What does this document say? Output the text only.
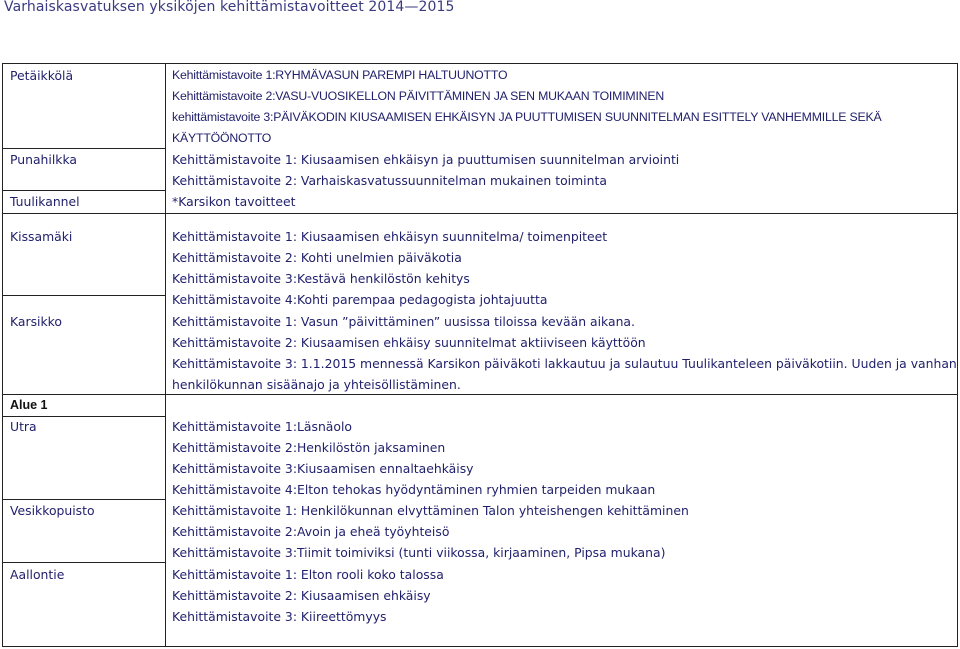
Varhaiskasvatuksen yksiköjen kehittämistavoitteet 2014—2015
Petäikkölä
Punahilkka
Tuulikannel
Kissamäki
Karsikko
Alue 1
Utra
Vesikkopuisto
Aallontie
Kehittämistavoite 1:RYHMÄVASUN PAREMPI HALTUUNOTTO
Kehittämistavoite 2:VASU-VUOSIKELLON PÄIVITTÄMINEN JA SEN MUKAAN TOIMIMINEN
kehittämistavoite 3:PÄIVÄKODIN KIUSAAMISEN EHKÄISYN JA PUUTTUMISEN SUUNNITELMAN ESITTELY VANHEMMILLE SEKÄ
KÄYTTÖÖNOTTO
Kehittämistavoite 1: Kiusaamisen ehkäisyn ja puuttumisen suunnitelman arviointi
Kehittämistavoite 2: Varhaiskasvatussuunnitelman mukainen toiminta
*Karsikon tavoitteet
Kehittämistavoite 1: Kiusaamisen ehkäisyn suunnitelma/ toimenpiteet
Kehittämistavoite 2: Kohti unelmien päiväkotia
Kehittämistavoite 3:Kestävä henkilöstön kehitys
Kehittämistavoite 4:Kohti parempaa pedagogista johtajuutta
Kehittämistavoite 1: Vasun ”päivittäminen” uusissa tiloissa kevään aikana.
Kehittämistavoite 2: Kiusaamisen ehkäisy suunnitelmat aktiiviseen käyttöön
Kehittämistavoite 3: 1.1.2015 mennessä Karsikon päiväkoti lakkautuu ja sulautuu Tuulikanteleen päiväkotiin. Uuden ja vanhan
henkilökunnan sisäänajo ja yhteisöllistäminen.
Kehittämistavoite 1:Läsnäolo
Kehittämistavoite 2:Henkilöstön jaksaminen
Kehittämistavoite 3:Kiusaamisen ennaltaehkäisy
Kehittämistavoite 4:Elton tehokas hyödyntäminen ryhmien tarpeiden mukaan
Kehittämistavoite 1: Henkilökunnan elvyttäminen Talon yhteishengen kehittäminen
Kehittämistavoite 2:Avoin ja eheä työyhteisö
Kehittämistavoite 3:Tiimit toimiviksi (tunti viikossa, kirjaaminen, Pipsa mukana)
Kehittämistavoite 1: Elton rooli koko talossa
Kehittämistavoite 2: Kiusaamisen ehkäisy
Kehittämistavoite 3: Kiireettömyys
